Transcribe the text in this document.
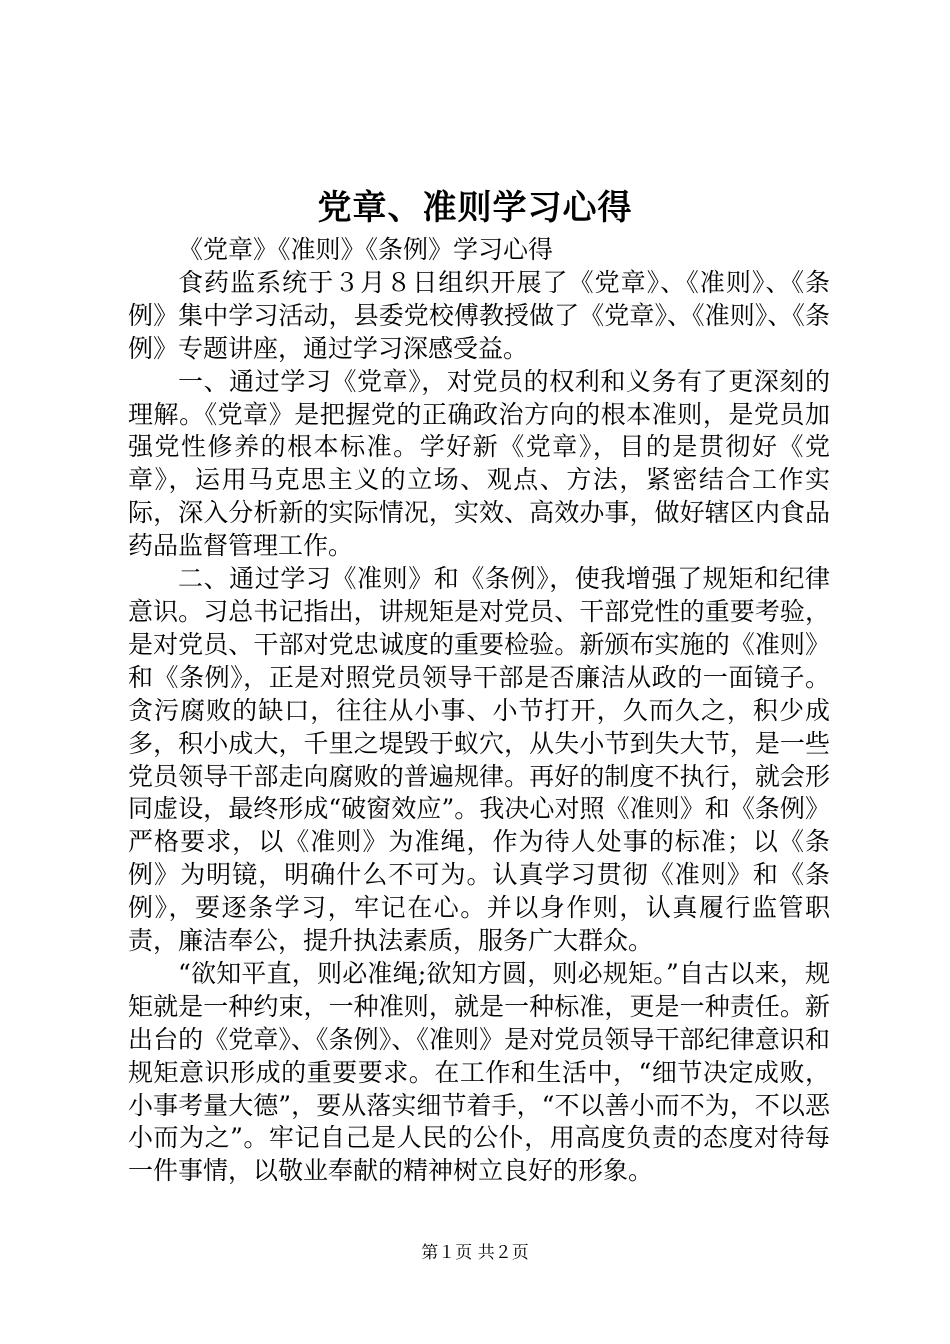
党章、准则学习心得

《党章》《准则》《条例》学习心得

食药监系统于３月８日组织开展了《党章》、《准则》、《条例》集中学习活动，县委党校傅教授做了《党章》、《准则》、《条例》专题讲座，通过学习深感受益。

一、通过学习《党章》，对党员的权利和义务有了更深刻的理解。《党章》是把握党的正确政治方向的根本准则，是党员加强党性修养的根本标准。学好新《党章》，目的是贯彻好《党章》，运用马克思主义的立场、观点、方法，紧密结合工作实际，深入分析新的实际情况，实效、高效办事，做好辖区内食品药品监督管理工作。

二、通过学习《准则》和《条例》，使我增强了规矩和纪律意识。习总书记指出，讲规矩是对党员、干部党性的重要考验，是对党员、干部对党忠诚度的重要检验。新颁布实施的《准则》和《条例》，正是对照党员领导干部是否廉洁从政的一面镜子。贪污腐败的缺口，往往从小事、小节打开，久而久之，积少成多，积小成大，千里之堤毁于蚁穴，从失小节到失大节，是一些党员领导干部走向腐败的普遍规律。再好的制度不执行，就会形同虚设，最终形成“破窗效应”。我决心对照《准则》和《条例》严格要求，以《准则》为准绳，作为待人处事的标准；以《条例》为明镜，明确什么不可为。认真学习贯彻《准则》和《条例》，要逐条学习，牢记在心。并以身作则，认真履行监管职责，廉洁奉公，提升执法素质，服务广大群众。

“欲知平直，则必准绳;欲知方圆，则必规矩。”自古以来，规矩就是一种约束，一种准则，就是一种标准，更是一种责任。新出台的《党章》、《条例》、《准则》是对党员领导干部纪律意识和规矩意识形成的重要要求。在工作和生活中，“细节决定成败，小事考量大德”，要从落实细节着手，“不以善小而不为，不以恶小而为之”。牢记自己是人民的公仆，用高度负责的态度对待每一件事情，以敬业奉献的精神树立良好的形象。

第１页 共２页
